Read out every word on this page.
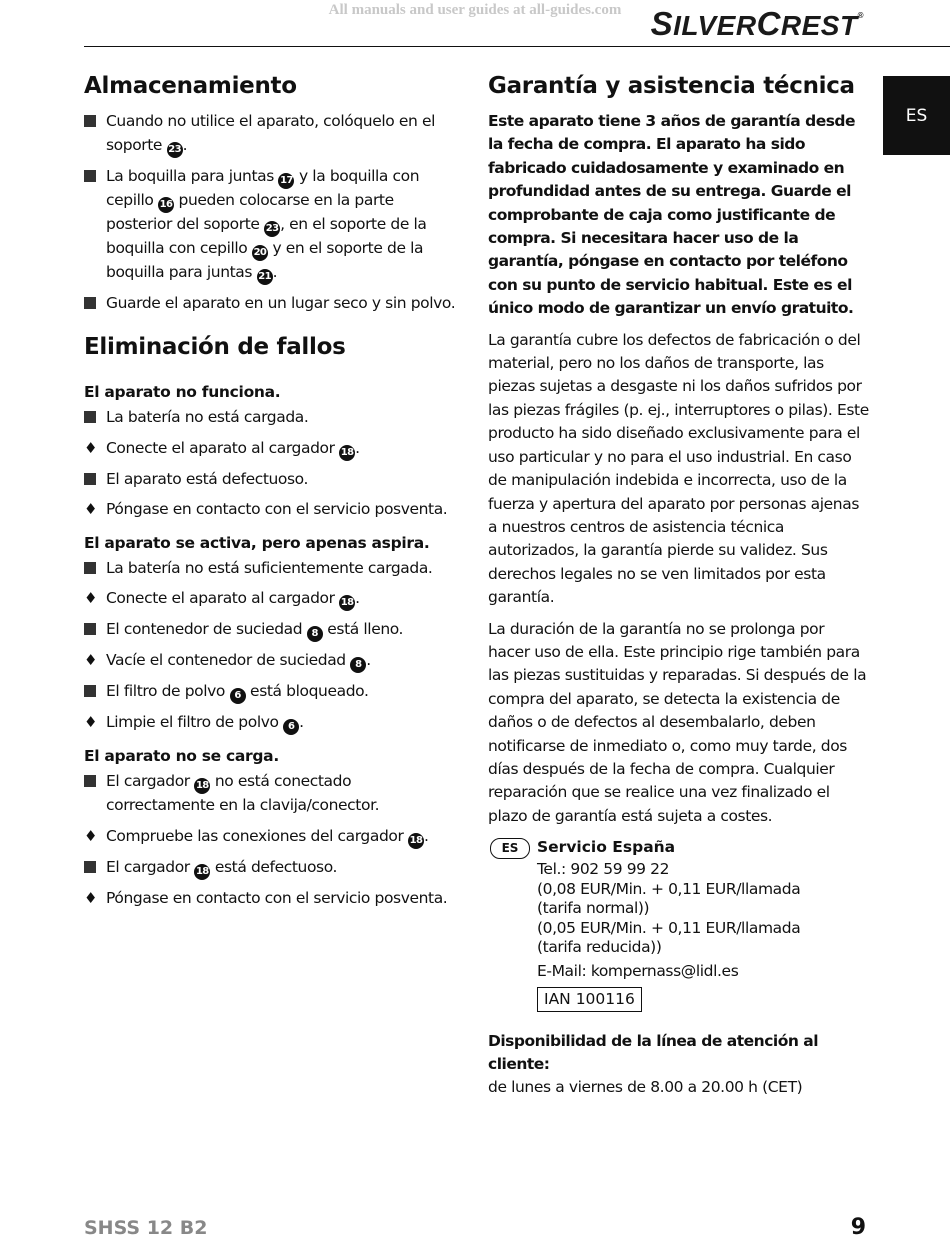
All manuals and user guides at all-guides.com SILVERCREST®
ES
Almacenamiento
Cuando no utilice el aparato, colóquelo en el soporte 23 .
La boquilla para juntas 17 y la boquilla con cepillo 16 pueden colocarse en la parte posterior del soporte 23 , en el soporte de la boquilla con cepillo 20 y en el soporte de la boquilla para juntas 21 .
Guarde el aparato en un lugar seco y sin polvo.
Eliminación de fallos
El aparato no funciona.
La batería no está cargada.
♦ Conecte el aparato al cargador 18 .
El aparato está defectuoso.
♦ Póngase en contacto con el servicio posventa.
El aparato se activa, pero apenas aspira.
La batería no está suficientemente cargada.
♦ Conecte el aparato al cargador 18 .
El contenedor de suciedad 8 está lleno.
♦ Vacíe el contenedor de suciedad 8 .
El filtro de polvo 6 está bloqueado.
♦ Limpie el filtro de polvo 6 .
El aparato no se carga.
El cargador 18 no está conectado correctamente en la clavija/conector.
♦ Compruebe las conexiones del cargador 18 .
El cargador 18 está defectuoso.
♦ Póngase en contacto con el servicio posventa.
Garantía y asistencia técnica

Este aparato tiene 3 años de garantía desde la fecha de compra. El aparato ha sido fabricado cuidadosamente y examinado en profundidad antes de su entrega. Guarde el comprobante de caja como justificante de compra. Si necesitara hacer uso de la garantía, póngase en contacto por teléfono con su punto de servicio habitual. Este es el único modo de garantizar un envío gratuito.

La garantía cubre los defectos de fabricación o del material, pero no los daños de transporte, las piezas sujetas a desgaste ni los daños sufridos por las piezas frágiles (p. ej., interruptores o pilas). Este producto ha sido diseñado exclusivamente para el uso particular y no para el uso industrial. En caso de manipulación indebida e incorrecta, uso de la fuerza y apertura del aparato por personas ajenas a nuestros centros de asistencia técnica autorizados, la garantía pierde su validez. Sus derechos legales no se ven limitados por esta garantía.

La duración de la garantía no se prolonga por hacer uso de ella. Este principio rige también para las piezas sustituidas y reparadas. Si después de la compra del aparato, se detecta la existencia de daños o de defectos al desembalarlo, deben notificarse de inmediato o, como muy tarde, dos días después de la fecha de compra. Cualquier reparación que se realice una vez finalizado el plazo de garantía está sujeta a costes.

ES	Servicio España
Tel.: 902 59 99 22
(0,08 EUR/Min. + 0,11 EUR/llamada
(tarifa normal))
(0,05 EUR/Min. + 0,11 EUR/llamada
(tarifa reducida))
E-Mail: kompernass@lidl.es
IAN 100116
Disponibilidad de la línea de atención al cliente:
de lunes a viernes de 8.00 a 20.00 h (CET)
SHSS 12 B2	9
